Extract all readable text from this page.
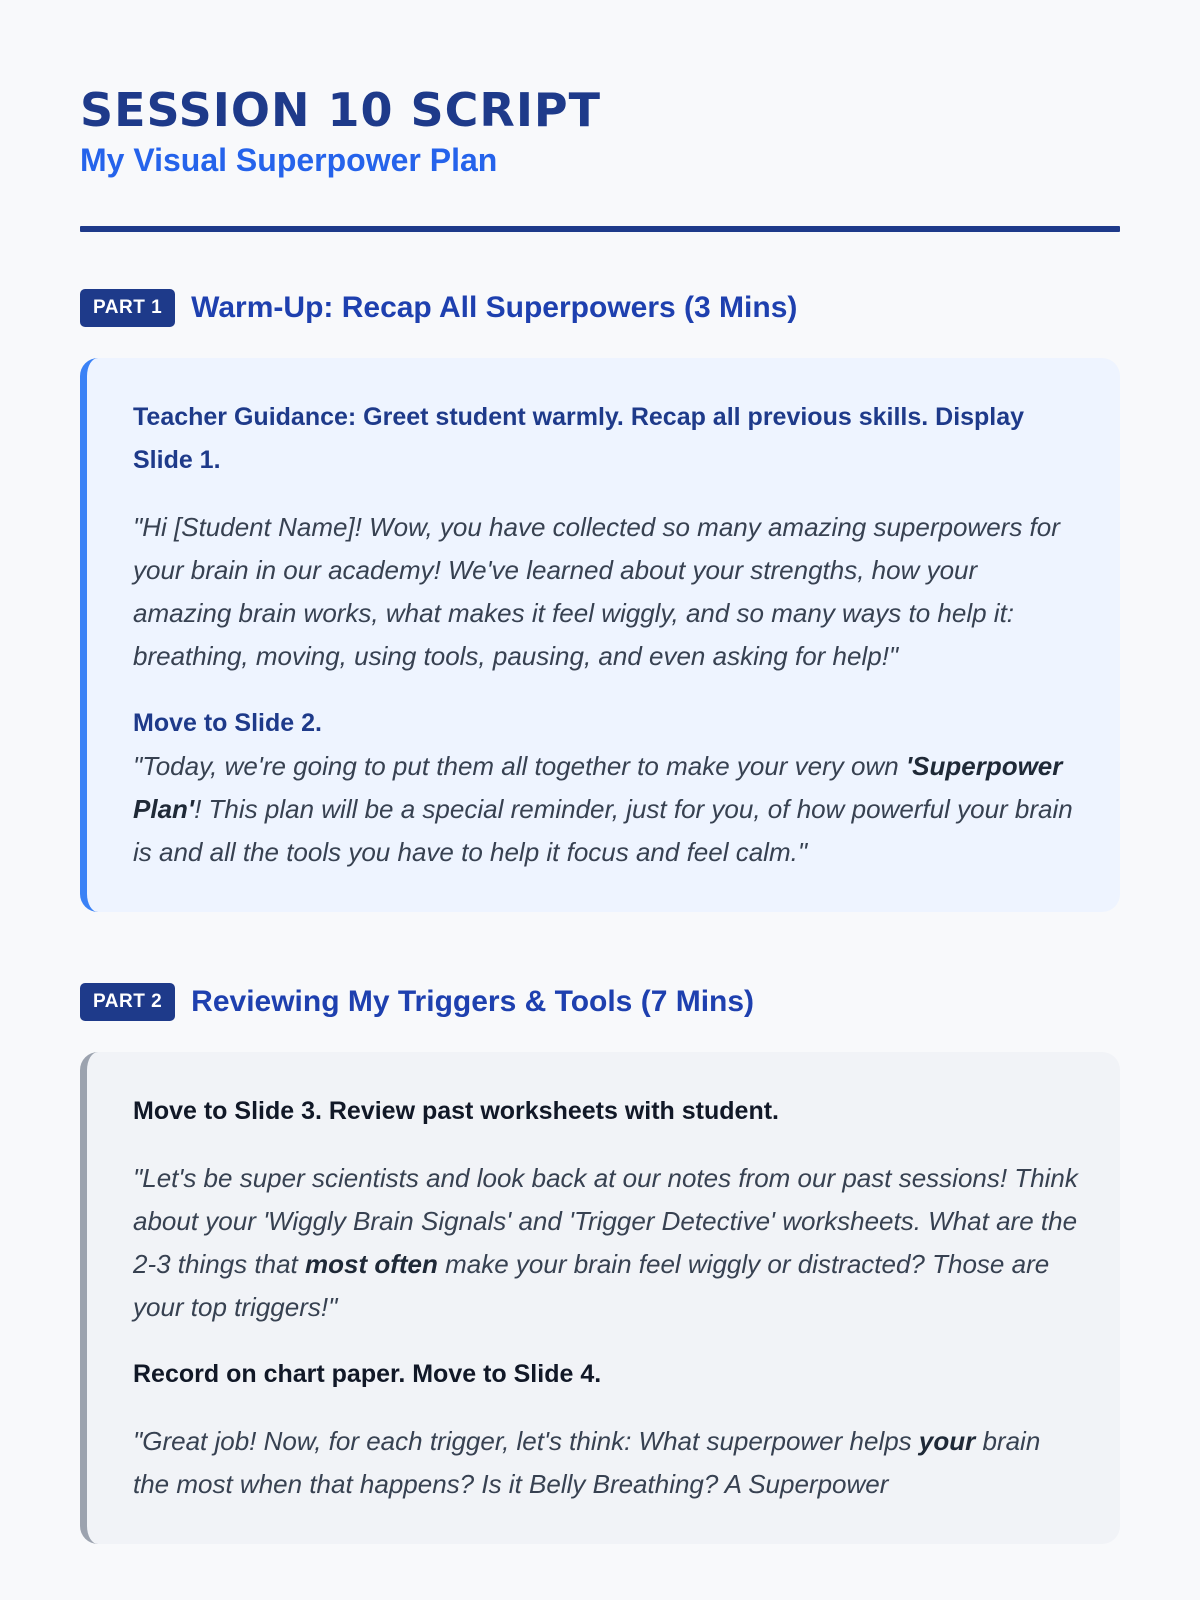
SESSION 10 SCRIPT
My Visual Superpower Plan
PART 1 Warm-Up: Recap All Superpowers (3 Mins)

Teacher Guidance: Greet student warmly. Recap all previous skills. Display Slide 1.

"Hi [Student Name]! Wow, you have collected so many amazing superpowers for your brain in our academy! We've learned about your strengths, how your amazing brain works, what makes it feel wiggly, and so many ways to help it: breathing, moving, using tools, pausing, and even asking for help!"

Move to Slide 2.

"Today, we're going to put them all together to make your very own 'Superpower Plan'! This plan will be a special reminder, just for you, of how powerful your brain is and all the tools you have to help it focus and feel calm."

PART 2 Reviewing My Triggers & Tools (7 Mins)

Move to Slide 3. Review past worksheets with student.

"Let's be super scientists and look back at our notes from our past sessions! Think about your 'Wiggly Brain Signals' and 'Trigger Detective' worksheets. What are the 2-3 things that most often make your brain feel wiggly or distracted? Those are your top triggers!"

Record on chart paper. Move to Slide 4.

"Great job! Now, for each trigger, let's think: What superpower helps your brain the most when that happens? Is it Belly Breathing? A Superpower
